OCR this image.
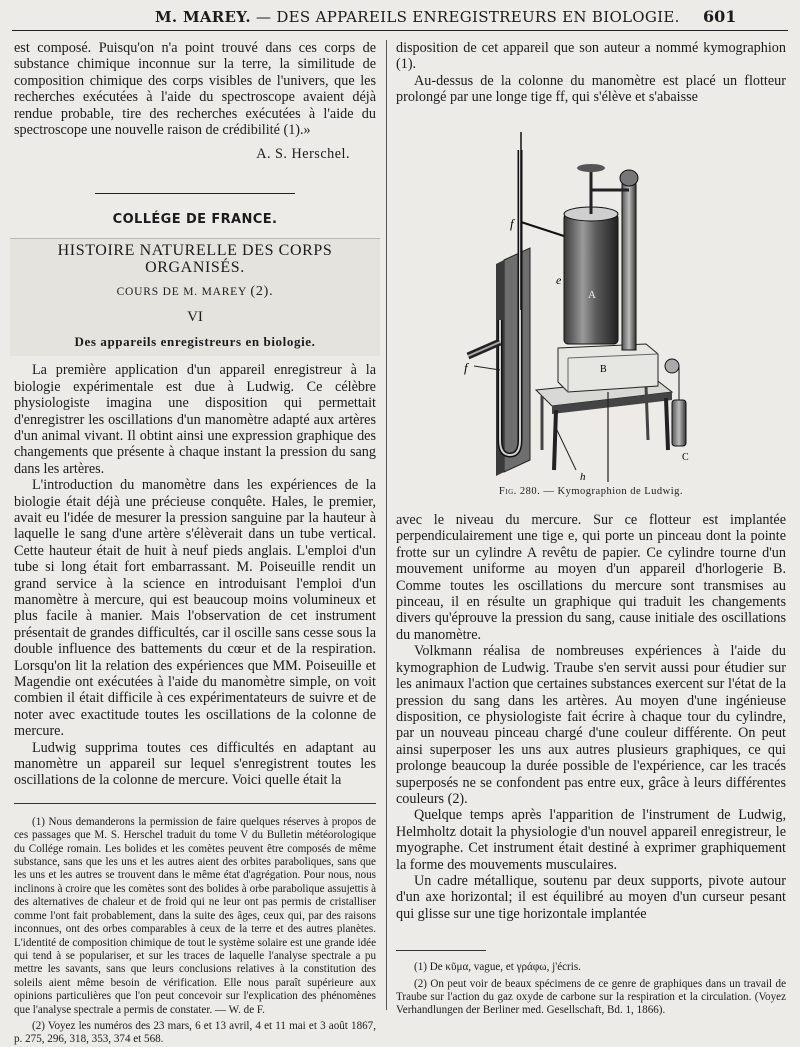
M. MAREY. — DES APPAREILS ENREGISTREURS EN BIOLOGIE. 601

est composé. Puisqu'on n'a point trouvé dans ces corps de substance chimique inconnue sur la terre, la similitude de composition chimique des corps visibles de l'univers, que les recherches exécutées à l'aide du spectroscope avaient déjà rendue probable, tire des recherches exécutées à l'aide du spectroscope une nouvelle raison de crédibilité (1).»

A. S. Herschel.
COLLÉGE DE FRANCE.
HISTOIRE NATURELLE DES CORPS ORGANISÉS.
COURS DE M. MAREY (2).
VI
Des appareils enregistreurs en biologie.

La première application d'un appareil enregistreur à la biologie expérimentale est due à Ludwig. Ce célèbre physiologiste imagina une disposition qui permettait d'enregistrer les oscillations d'un manomètre adapté aux artères d'un animal vivant. Il obtint ainsi une expression graphique des changements que présente à chaque instant la pression du sang dans les artères.

L'introduction du manomètre dans les expériences de la biologie était déjà une précieuse conquête. Hales, le premier, avait eu l'idée de mesurer la pression sanguine par la hauteur à laquelle le sang d'une artère s'élèverait dans un tube vertical. Cette hauteur était de huit à neuf pieds anglais. L'emploi d'un tube si long était fort embarrassant. M. Poiseuille rendit un grand service à la science en introduisant l'emploi d'un manomètre à mercure, qui est beaucoup moins volumineux et plus facile à manier. Mais l'observation de cet instrument présentait de grandes difficultés, car il oscille sans cesse sous la double influence des battements du cœur et de la respiration. Lorsqu'on lit la relation des expériences que MM. Poiseuille et Magendie ont exécutées à l'aide du manomètre simple, on voit combien il était difficile à ces expérimentateurs de suivre et de noter avec exactitude toutes les oscillations de la colonne de mercure.

Ludwig supprima toutes ces difficultés en adaptant au manomètre un appareil sur lequel s'enregistrent toutes les oscillations de la colonne de mercure. Voici quelle était la

(1) Nous demanderons la permission de faire quelques réserves à propos de ces passages que M. S. Herschel traduit du tome V du Bulletin météorologique du Collége romain. Les bolides et les comètes peuvent être composés de même substance, sans que les uns et les autres aient des orbites paraboliques, sans que les uns et les autres se trouvent dans le même état d'agrégation. Pour nous, nous inclinons à croire que les comètes sont des bolides à orbe parabolique assujettis à des alternatives de chaleur et de froid qui ne leur ont pas permis de cristalliser comme l'ont fait probablement, dans la suite des âges, ceux qui, par des raisons inconnues, ont des orbes comparables à ceux de la terre et des autres planètes. L'identité de composition chimique de tout le système solaire est une grande idée qui tend à se populariser, et sur les traces de laquelle l'analyse spectrale a pu mettre les savants, sans que leurs conclusions relatives à la constitution des soleils aient même besoin de vérification. Elle nous paraît supérieure aux opinions particulières que l'on peut concevoir sur l'explication des phénomènes que l'analyse spectrale a permis de constater. — W. de F.

(2) Voyez les numéros des 23 mars, 6 et 13 avril, 4 et 11 mai et 3 août 1867, p. 275, 296, 318, 353, 374 et 568.

disposition de cet appareil que son auteur a nommé kymographion (1).

Au-dessus de la colonne du manomètre est placé un flotteur prolongé par une longe tige ff, qui s'élève et s'abaisse

f
e
A
f	B
C
h
Fig. 280. — Kymographion de Ludwig.

avec le niveau du mercure. Sur ce flotteur est implantée perpendiculairement une tige e, qui porte un pinceau dont la pointe frotte sur un cylindre A revêtu de papier. Ce cylindre tourne d'un mouvement uniforme au moyen d'un appareil d'horlogerie B. Comme toutes les oscillations du mercure sont transmises au pinceau, il en résulte un graphique qui traduit les changements divers qu'éprouve la pression du sang, cause initiale des oscillations du manomètre.

Volkmann réalisa de nombreuses expériences à l'aide du kymographion de Ludwig. Traube s'en servit aussi pour étudier sur les animaux l'action que certaines substances exercent sur l'état de la pression du sang dans les artères. Au moyen d'une ingénieuse disposition, ce physiologiste fait écrire à chaque tour du cylindre, par un nouveau pinceau chargé d'une couleur différente. On peut ainsi superposer les uns aux autres plusieurs graphiques, ce qui prolonge beaucoup la durée possible de l'expérience, car les tracés superposés ne se confondent pas entre eux, grâce à leurs différentes couleurs (2).

Quelque temps après l'apparition de l'instrument de Ludwig, Helmholtz dotait la physiologie d'un nouvel appareil enregistreur, le myographe. Cet instrument était destiné à exprimer graphiquement la forme des mouvements musculaires.

Un cadre métallique, soutenu par deux supports, pivote autour d'un axe horizontal; il est équilibré au moyen d'un curseur pesant qui glisse sur une tige horizontale implantée

(1) De κῦμα, vague, et γράφω, j'écris.

(2) On peut voir de beaux spécimens de ce genre de graphiques dans un travail de Traube sur l'action du gaz oxyde de carbone sur la respiration et la circulation. (Voyez Verhandlungen der Berliner med. Gesellschaft, Bd. 1, 1866).
